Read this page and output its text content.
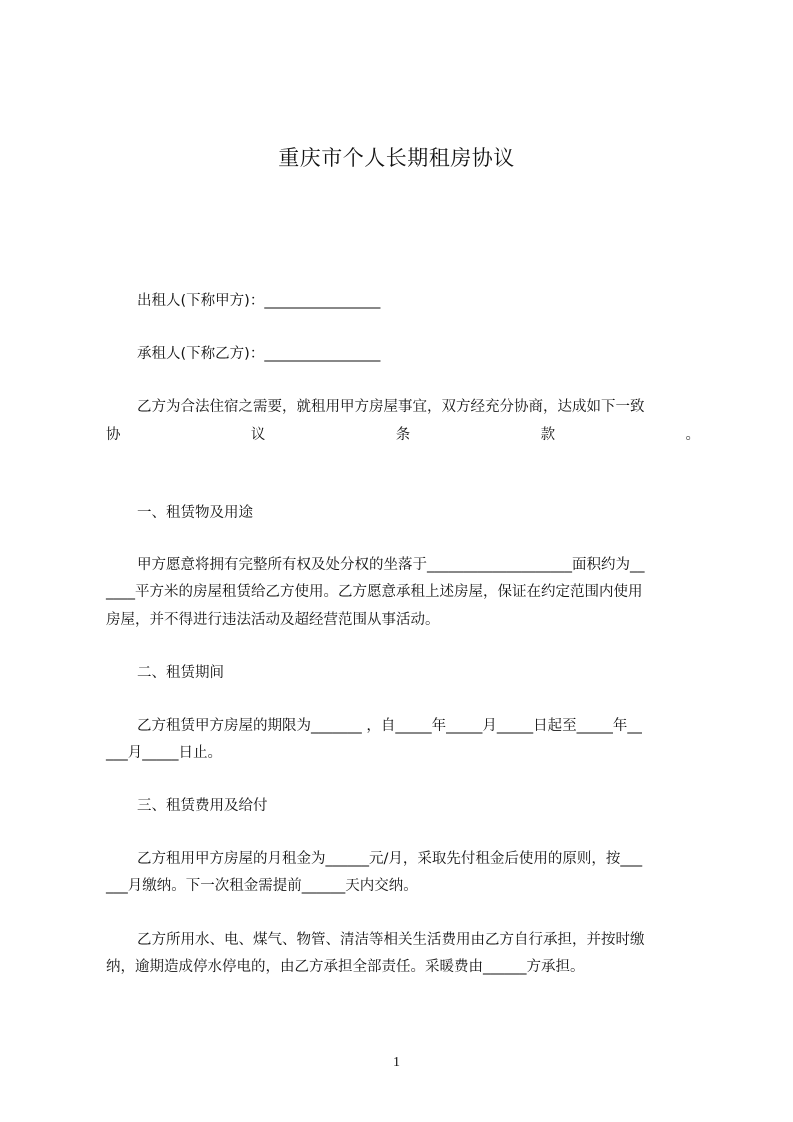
重庆市个人长期租房协议
出租人(下称甲方)：________________
承租人(下称乙方)：________________
乙方为合法住宿之需要，就租用甲方房屋事宜，双方经充分协商，达成如下一致
协	议	条	款	。
一、租赁物及用途
甲方愿意将拥有完整所有权及处分权的坐落于____________________面积约为__
____平方米的房屋租赁给乙方使用。乙方愿意承租上述房屋，保证在约定范围内使用
房屋，并不得进行违法活动及超经营范围从事活动。
二、租赁期间
乙方租赁甲方房屋的期限为_______ ，自_____年_____月_____日起至_____年__
___月_____日止。
三、租赁费用及给付
乙方租用甲方房屋的月租金为______元/月，采取先付租金后使用的原则，按___
___月缴纳。下一次租金需提前______天内交纳。
乙方所用水、电、煤气、物管、清洁等相关生活费用由乙方自行承担，并按时缴
纳，逾期造成停水停电的，由乙方承担全部责任。采暖费由______方承担。
1
